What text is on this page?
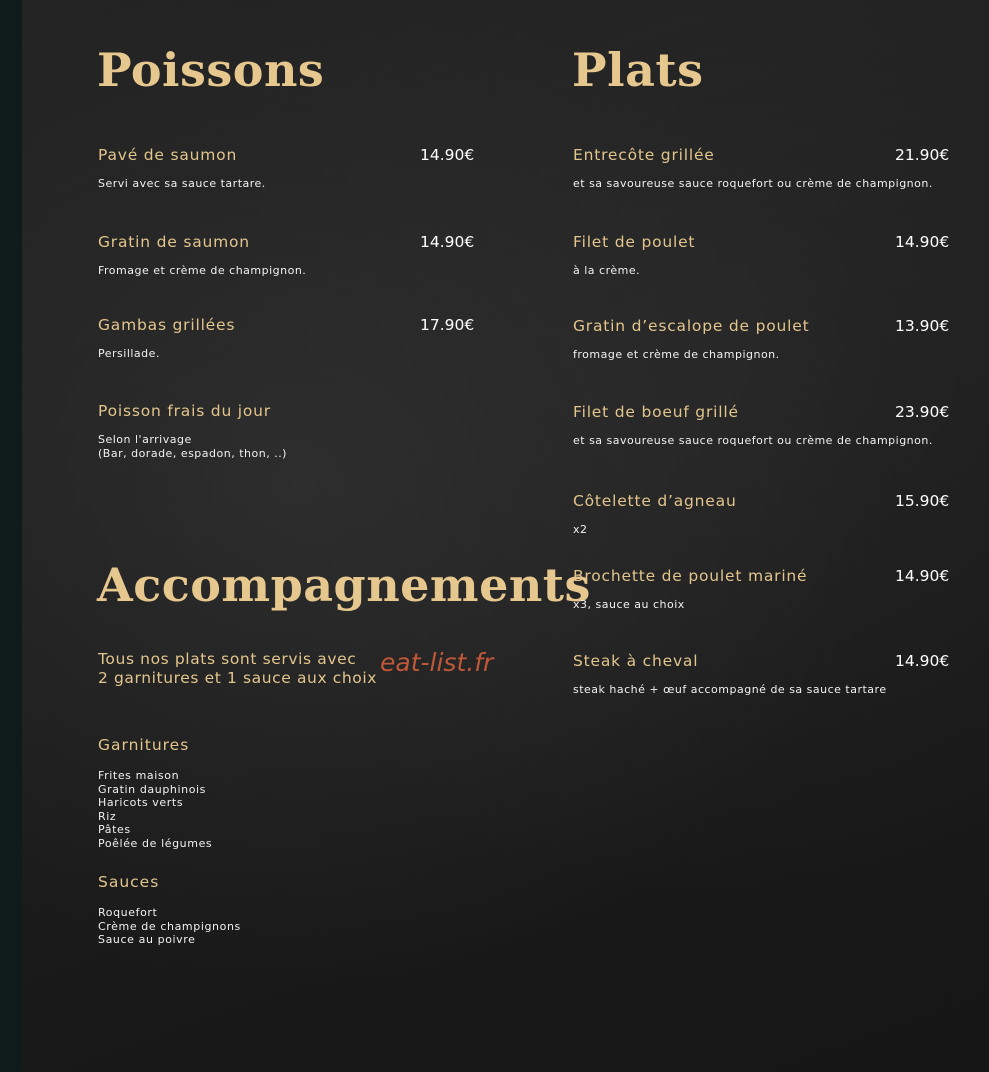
Poissons
Pavé de saumon	14.90€
Servi avec sa sauce tartare.
Gratin de saumon	14.90€
Fromage et crème de champignon.
Gambas grillées	17.90€
Persillade.
Poisson frais du jour
Selon l'arrivage
(Bar, dorade, espadon, thon, ..)
Accompagnements
Tous nos plats sont servis avec
2 garnitures et 1 sauce aux choix
Garnitures
Frites maison
Gratin dauphinois
Haricots verts
Riz
Pâtes
Poêlée de légumes
Sauces
Roquefort
Crème de champignons
Sauce au poivre
Plats
Entrecôte grillée	21.90€
et sa savoureuse sauce roquefort ou crème de champignon.
Filet de poulet	14.90€
à la crème.
Gratin d’escalope de poulet	13.90€
fromage et crème de champignon.
Filet de boeuf grillé	23.90€
et sa savoureuse sauce roquefort ou crème de champignon.
Côtelette d’agneau	15.90€
x2
Brochette de poulet mariné	14.90€
x3, sauce au choix
Steak à cheval	14.90€
steak haché + œuf accompagné de sa sauce tartare
eat-list.fr
